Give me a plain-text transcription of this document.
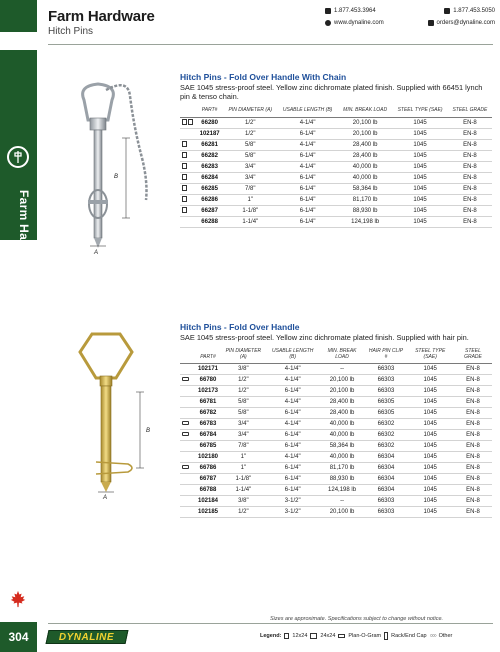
Farm Hardware
304
Farm Hardware
Hitch Pins
1.877.453.3964	1.877.453.5050
www.dynaline.com	orders@dynaline.com
B
A
Hitch Pins - Fold Over Handle With Chain
SAE 1045 stress-proof steel. Yellow zinc dichromate plated finish. Supplied with 66451 lynch pin & tenso chain.
	PART#	PIN DIAMETER (A)	USABLE LENGTH (B)	MIN. BREAK LOAD	STEEL TYPE (SAE)	STEEL GRADE
	66280	1/2"	4-1/4"	20,100 lb	1045	EN-8
	102187	1/2"	6-1/4"	20,100 lb	1045	EN-8
	66281	5/8"	4-1/4"	28,400 lb	1045	EN-8
	66282	5/8"	6-1/4"	28,400 lb	1045	EN-8
	66283	3/4"	4-1/4"	40,000 lb	1045	EN-8
	66284	3/4"	6-1/4"	40,000 lb	1045	EN-8
	66285	7/8"	6-1/4"	58,364 lb	1045	EN-8
	66286	1"	6-1/4"	81,170 lb	1045	EN-8
	66287	1-1/8"	6-1/4"	88,930 lb	1045	EN-8
	66288	1-1/4"	6-1/4"	124,198 lb	1045	EN-8
B
A
Hitch Pins - Fold Over Handle
SAE 1045 stress-proof steel. Yellow zinc dichromate plated finish. Supplied with hair pin.
	PART#	PIN DIAMETER (A)	USABLE LENGTH (B)	MIN. BREAK LOAD	HAIR PIN CLIP #	STEEL TYPE (SAE)	STEEL GRADE
	102171	3/8"	4-1/4"	--	66303	1045	EN-8
	66780	1/2"	4-1/4"	20,100 lb	66303	1045	EN-8
	102173	1/2"	6-1/4"	20,100 lb	66303	1045	EN-8
	66781	5/8"	4-1/4"	28,400 lb	66305	1045	EN-8
	66782	5/8"	6-1/4"	28,400 lb	66305	1045	EN-8
	66783	3/4"	4-1/4"	40,000 lb	66302	1045	EN-8
	66784	3/4"	6-1/4"	40,000 lb	66302	1045	EN-8
	66785	7/8"	6-1/4"	58,364 lb	66302	1045	EN-8
	102180	1"	4-1/4"	40,000 lb	66304	1045	EN-8
	66786	1"	6-1/4"	81,170 lb	66304	1045	EN-8
	66787	1-1/8"	6-1/4"	88,930 lb	66304	1045	EN-8
	66788	1-1/4"	6-1/4"	124,198 lb	66304	1045	EN-8
	102184	3/8"	3-1/2"	--	66303	1045	EN-8
	102185	1/2"	3-1/2"	20,100 lb	66303	1045	EN-8
Sizes are approximate. Specifications subject to change without notice.
DYNALINE	Legend: 12x24 24x24 Plan-O-Gram Rack/End Cap ○○○ Other
